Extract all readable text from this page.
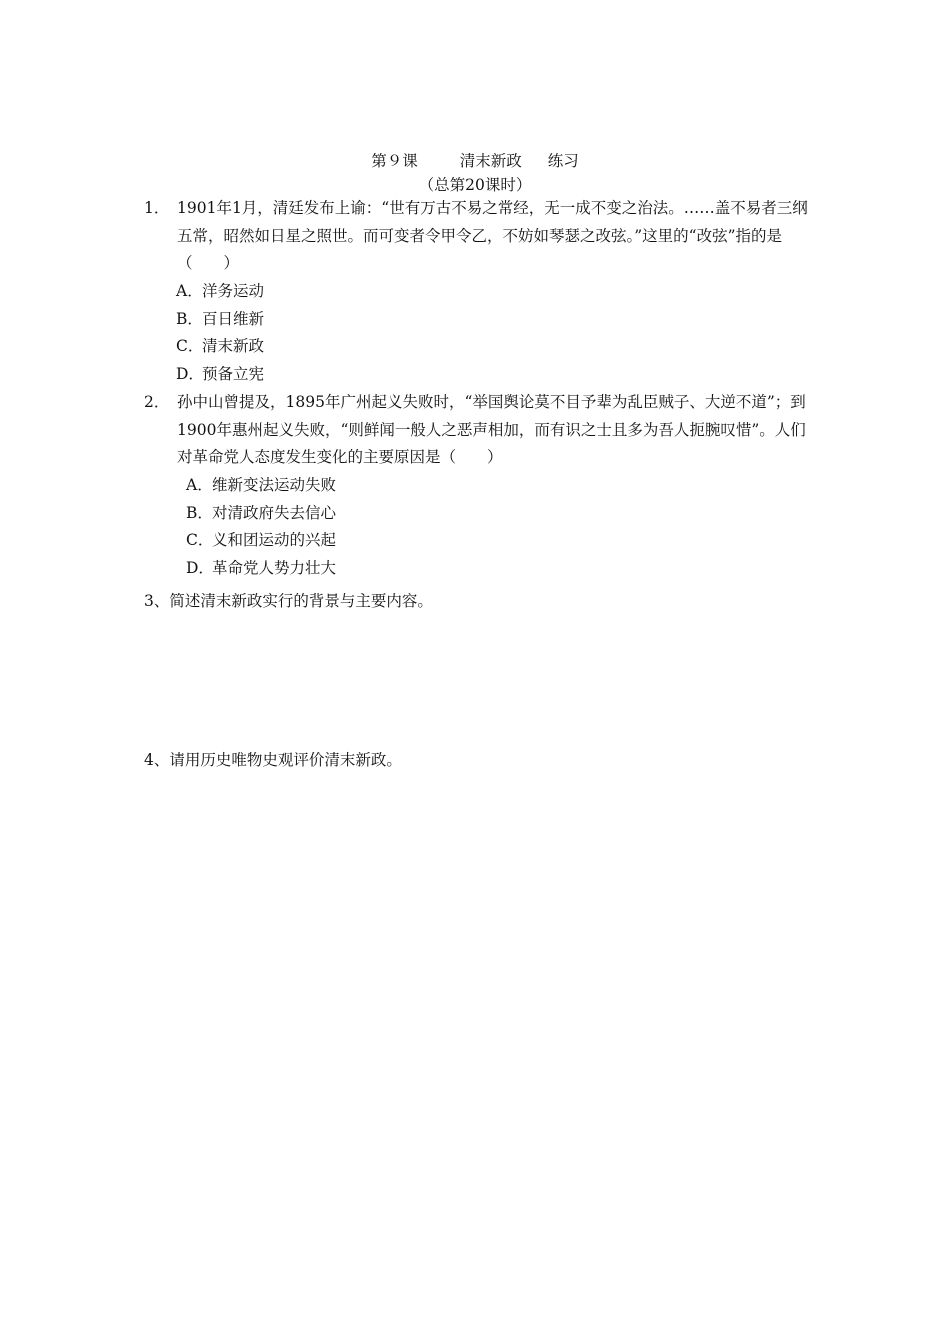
第９课	清末新政 练习
（总第20课时）
1． 1901年1月，清廷发布上谕：“世有万古不易之常经，无一成不变之治法。……盖不易者三纲五常，昭然如日星之照世。而可变者令甲令乙，不妨如琴瑟之改弦。”这里的“改弦”指的是（　　）
A．洋务运动
B．百日维新
C．清末新政
D．预备立宪
2． 孙中山曾提及，1895年广州起义失败时，“举国舆论莫不目予辈为乱臣贼子、大逆不道”；到1900年惠州起义失败，“则鲜闻一般人之恶声相加，而有识之士且多为吾人扼腕叹惜”。人们对革命党人态度发生变化的主要原因是（　　）
A．维新变法运动失败
B．对清政府失去信心
C．义和团运动的兴起
D．革命党人势力壮大
3、简述清末新政实行的背景与主要内容。
4、请用历史唯物史观评价清末新政。
